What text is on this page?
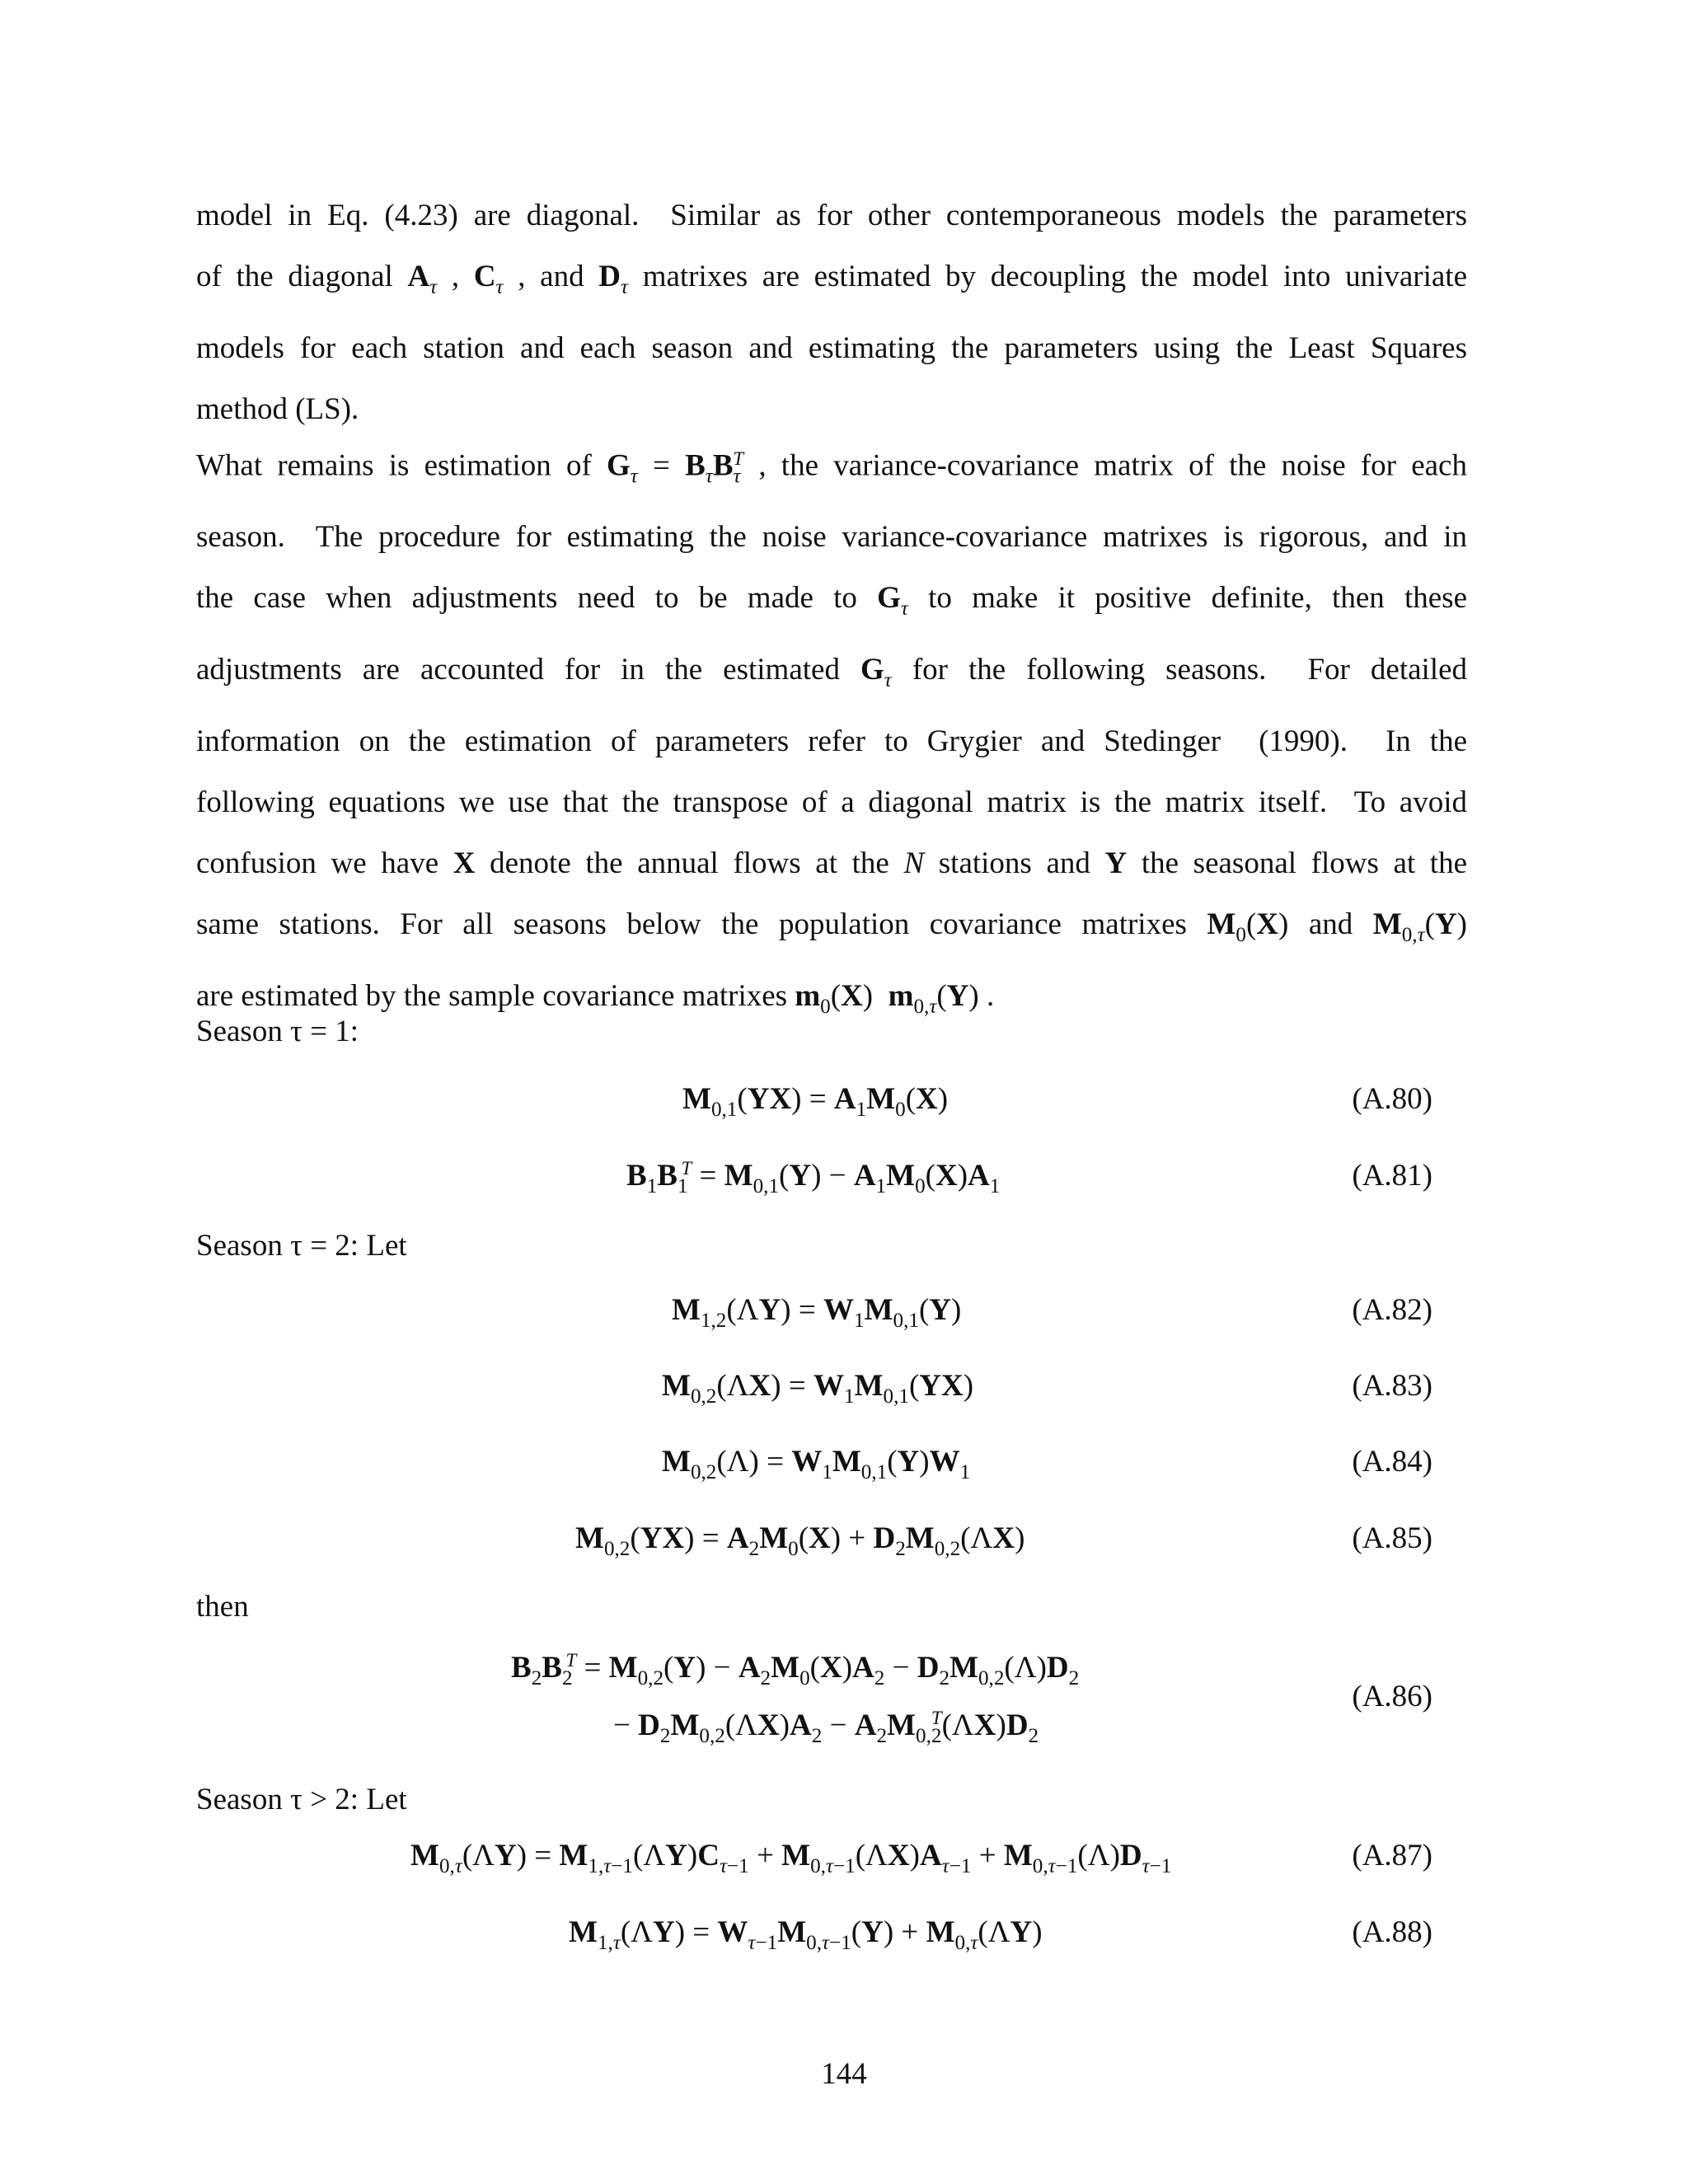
model in Eq. (4.23) are diagonal.  Similar as for other contemporaneous models the parameters
of the diagonal $A_\tau$ , $C_\tau$ , and $D_\tau$ matrixes are estimated by decoupling the model into univariate
models for each station and each season and estimating the parameters using the Least Squares
method (LS).
What remains is estimation of $G_\tau = B_\tau B_\tau^T$ , the variance-covariance matrix of the noise for each
season.  The procedure for estimating the noise variance-covariance matrixes is rigorous, and in
the case when adjustments need to be made to $G_\tau$ to make it positive definite, then these
adjustments are accounted for in the estimated $G_\tau$ for the following seasons.  For detailed
information on the estimation of parameters refer to Grygier and Stedinger  (1990).  In the
following equations we use that the transpose of a diagonal matrix is the matrix itself.  To avoid
confusion we have X denote the annual flows at the N stations and Y the seasonal flows at the
same stations. For all seasons below the population covariance matrixes $M_0(X)$ and $M_{0,\tau}(Y)$
are estimated by the sample covariance matrixes $m_0(X)$  $m_{0,\tau}(Y)$ .
Season τ = 1:
Season τ = 2: Let
then
Season τ > 2: Let
$M_{0,1}(YX) = A_1M_0(X)$	(A.80)
$B_1B_1^T = M_{0,1}(Y) - A_1M_0(X)A_1$	(A.81)
$M_{1,2}(\Lambda Y) = W_1M_{0,1}(Y)$	(A.82)
$M_{0,2}(\Lambda X) = W_1M_{0,1}(YX)$	(A.83)
$M_{0,2}(\Lambda) = W_1M_{0,1}(Y)W_1$	(A.84)
$M_{0,2}(YX) = A_2M_0(X) + D_2M_{0,2}(\Lambda X)$	(A.85)
$B_2B_2^T = M_{0,2}(Y) - A_2M_0(X)A_2 - D_2M_{0,2}(\Lambda)D_2$
− $D_2M_{0,2}(\Lambda X)A_2 - A_2M_{0,2}^T(\Lambda X)D_2$
(A.86)
$M_{0,\tau}(\Lambda Y) = M_{1,\tau-1}(\Lambda Y)C_{\tau-1} + M_{0,\tau-1}(\Lambda X)A_{\tau-1} + M_{0,\tau-1}(\Lambda)D_{\tau-1}$	(A.87)
$M_{1,\tau}(\Lambda Y) = W_{\tau-1}M_{0,\tau-1}(Y) + M_{0,\tau}(\Lambda Y)$	(A.88)
144
